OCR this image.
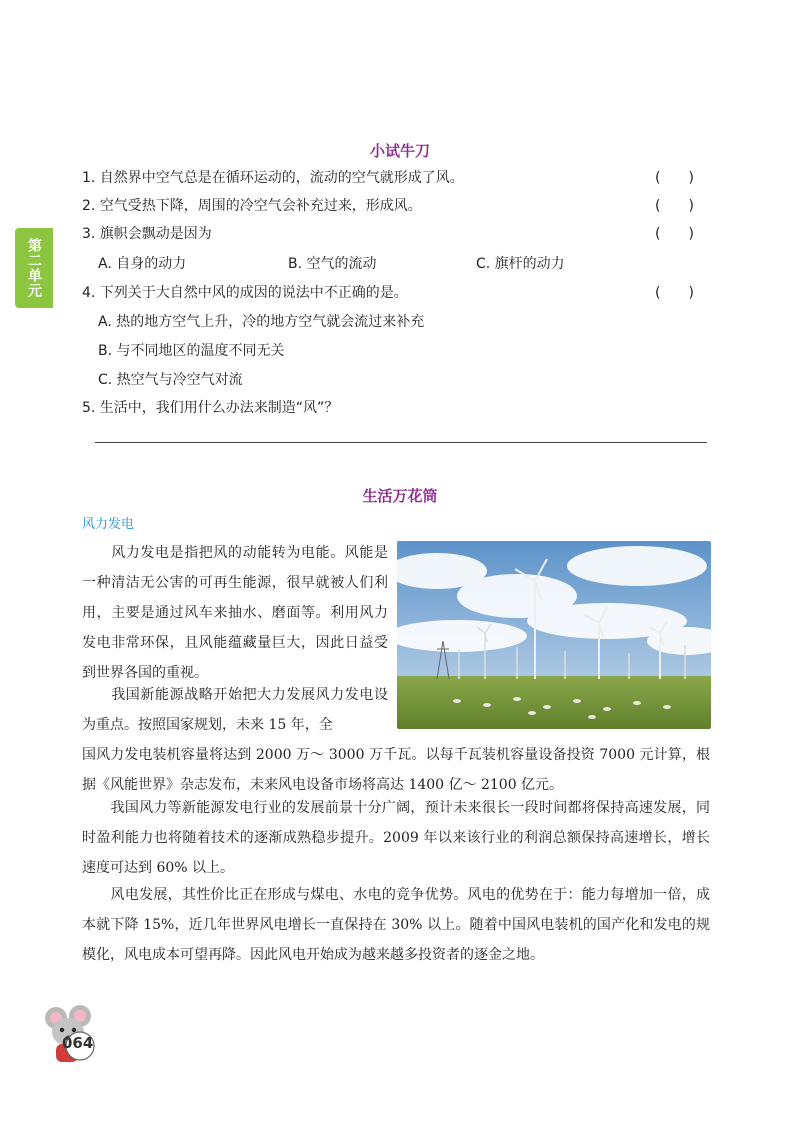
第二单元
小试牛刀
1. 自然界中空气总是在循环运动的，流动的空气就形成了风。	(　　)
2. 空气受热下降，周围的冷空气会补充过来，形成风。	(　　)
3. 旗帜会飘动是因为	(　　)
A. 自身的动力	B. 空气的流动	C. 旗杆的动力
4. 下列关于大自然中风的成因的说法中不正确的是。	(　　)
A. 热的地方空气上升，冷的地方空气就会流过来补充
B. 与不同地区的温度不同无关
C. 热空气与冷空气对流
5. 生活中，我们用什么办法来制造“风”？
生活万花筒
风力发电
　　风力发电是指把风的动能转为电能。风能是一种清洁无公害的可再生能源，很早就被人们利用，主要是通过风车来抽水、磨面等。利用风力发电非常环保，且风能蕴藏量巨大，因此日益受到世界各国的重视。
　　我国新能源战略开始把大力发展风力发电设为重点。按照国家规划，未来 15 年，全
国风力发电装机容量将达到 2000 万～ 3000 万千瓦。以每千瓦装机容量设备投资 7000 元计算，根据《风能世界》杂志发布，未来风电设备市场将高达 1400 亿～ 2100 亿元。
　　我国风力等新能源发电行业的发展前景十分广阔，预计未来很长一段时间都将保持高速发展，同时盈利能力也将随着技术的逐渐成熟稳步提升。2009 年以来该行业的利润总额保持高速增长，增长速度可达到 60% 以上。
　　风电发展，其性价比正在形成与煤电、水电的竞争优势。风电的优势在于：能力每增加一倍，成本就下降 15%，近几年世界风电增长一直保持在 30% 以上。随着中国风电装机的国产化和发电的规模化，风电成本可望再降。因此风电开始成为越来越多投资者的逐金之地。
064
